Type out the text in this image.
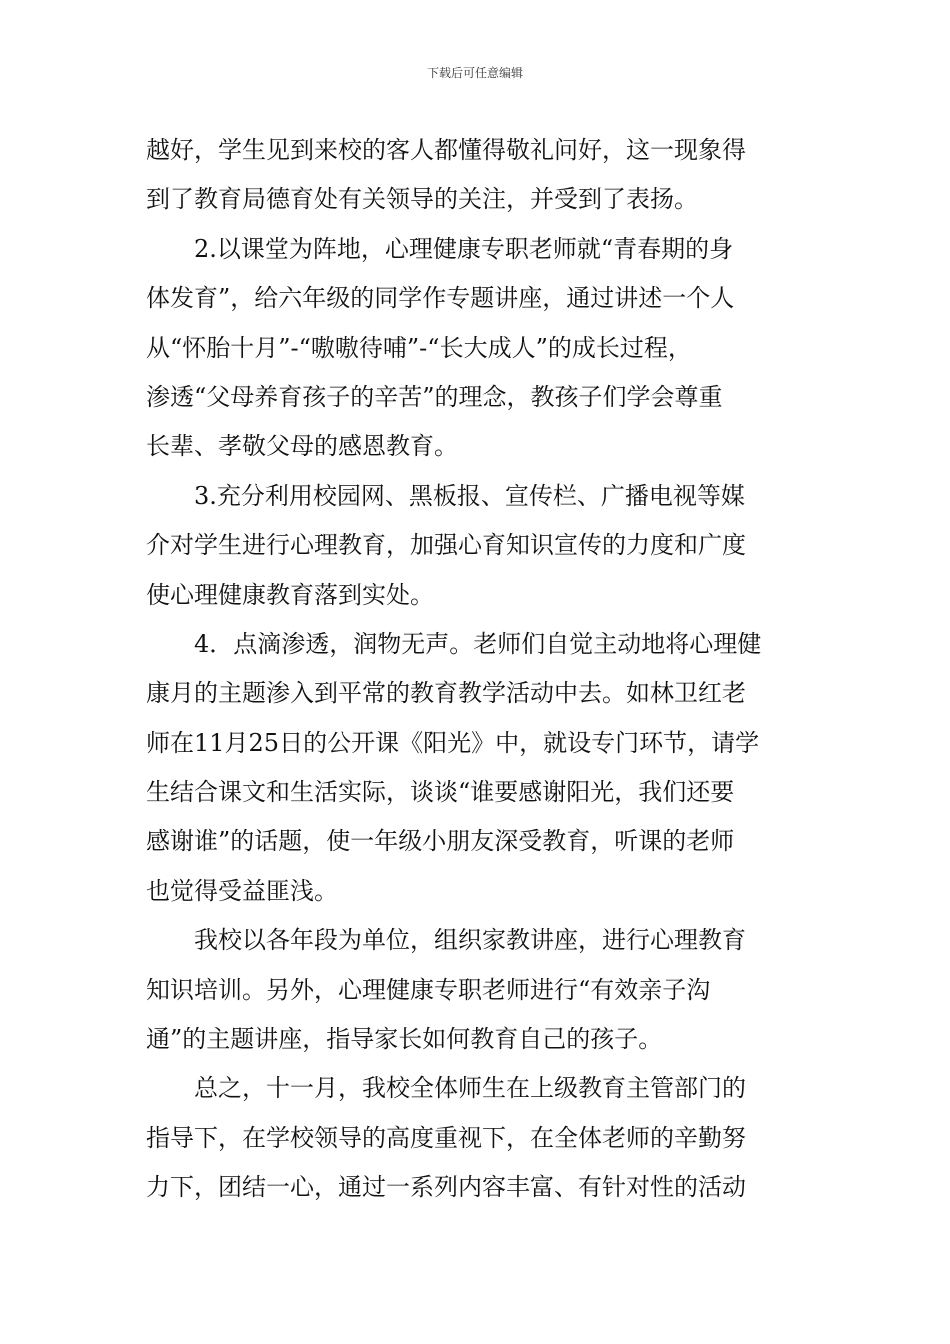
下载后可任意编辑
越好，学生见到来校的客人都懂得敬礼问好，这一现象得
到了教育局德育处有关领导的关注，并受到了表扬。
2.以课堂为阵地，心理健康专职老师就“青春期的身
体发育”，给六年级的同学作专题讲座，通过讲述一个人
从“怀胎十月”-“嗷嗷待哺”-“长大成人”的成长过程，
渗透“父母养育孩子的辛苦”的理念，教孩子们学会尊重
长辈、孝敬父母的感恩教育。
3.充分利用校园网、黑板报、宣传栏、广播电视等媒
介对学生进行心理教育，加强心育知识宣传的力度和广度
使心理健康教育落到实处。
4．点滴渗透，润物无声。老师们自觉主动地将心理健
康月的主题渗入到平常的教育教学活动中去。如林卫红老
师在11月25日的公开课《阳光》中，就设专门环节，请学
生结合课文和生活实际，谈谈“谁要感谢阳光，我们还要
感谢谁”的话题，使一年级小朋友深受教育，听课的老师
也觉得受益匪浅。
我校以各年段为单位，组织家教讲座，进行心理教育
知识培训。另外，心理健康专职老师进行“有效亲子沟
通”的主题讲座，指导家长如何教育自己的孩子。
总之，十一月，我校全体师生在上级教育主管部门的
指导下，在学校领导的高度重视下，在全体老师的辛勤努
力下，团结一心，通过一系列内容丰富、有针对性的活动
